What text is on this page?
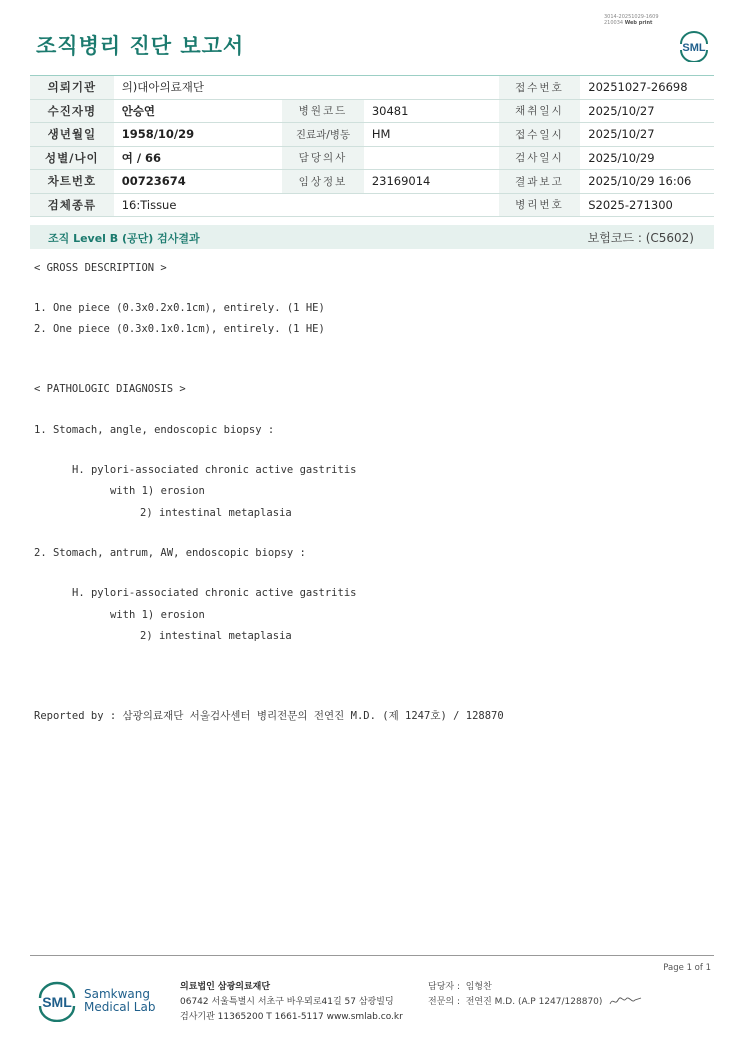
조직병리 진단 보고서
3014-20251029-1609
210034 Web print
SML
의뢰기관	의)대아의료재단			접수번호	20251027-26698
수진자명	안승연	병원코드	30481	채취일시	2025/10/27
생년월일	1958/10/29	진료과/병동	HM	접수일시	2025/10/27
성별/나이	여 / 66	담당의사		검사일시	2025/10/29
차트번호	00723674	임상정보	23169014	결과보고	2025/10/29 16:06
검체종류	16:Tissue			병리번호	S2025-271300
조직 Level B (공단) 검사결과	보험코드 : (C5602)

< GROSS DESCRIPTION >

1. One piece (0.3x0.2x0.1cm), entirely. (1 HE)

2. One piece (0.3x0.1x0.1cm), entirely. (1 HE)

< PATHOLOGIC DIAGNOSIS >

1. Stomach, angle, endoscopic biopsy :

H. pylori-associated chronic active gastritis

with 1) erosion

2) intestinal metaplasia

2. Stomach, antrum, AW, endoscopic biopsy :

H. pylori-associated chronic active gastritis

with 1) erosion

2) intestinal metaplasia

Reported by : 삼광의료재단 서울검사센터 병리전문의 전연진 M.D. (제 1247호) / 128870

Page 1 of 1
SML Samkwang
Medical Lab
의료법인 삼광의료재단
06742 서울특별시 서초구 바우뫼로41길 57 삼광빌딩
검사기관 11365200 T 1661-5117 www.smlab.co.kr
담당자 : 임형찬
전문의 : 전연진 M.D. (A.P 1247/128870)
